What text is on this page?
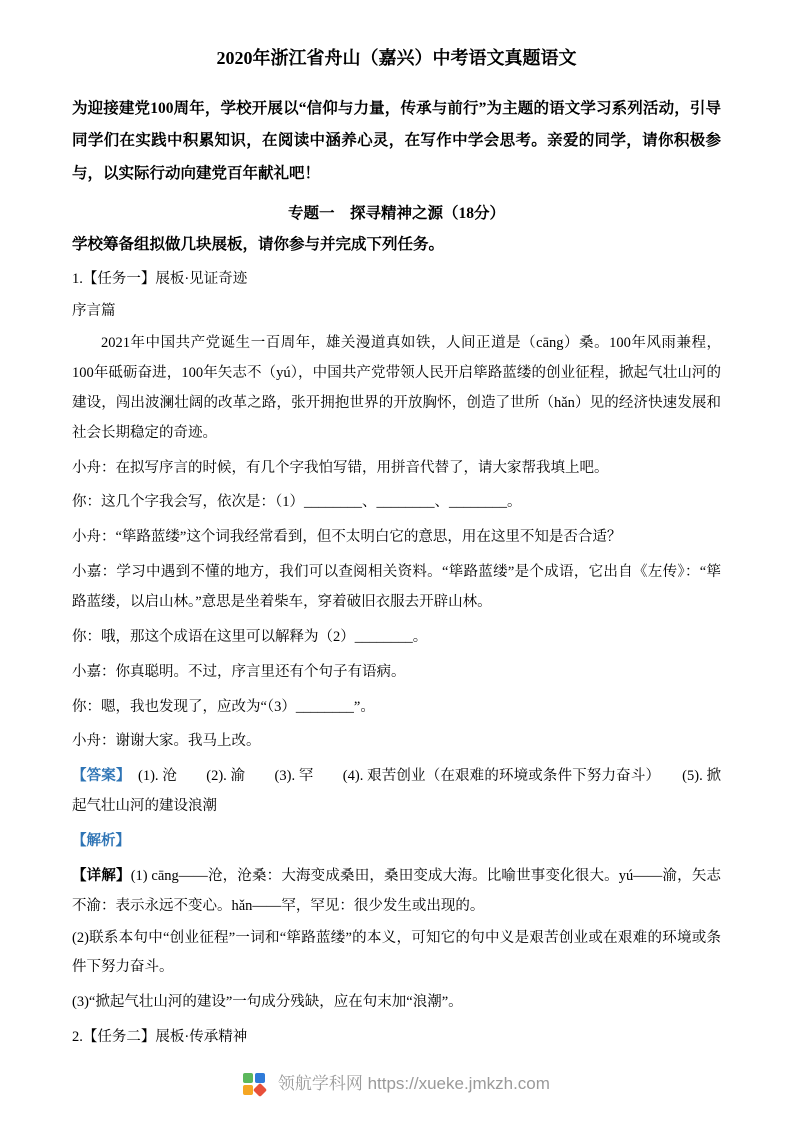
2020年浙江省舟山（嘉兴）中考语文真题语文

为迎接建党100周年，学校开展以“信仰与力量，传承与前行”为主题的语文学习系列活动，引导同学们在实践中积累知识，在阅读中涵养心灵，在写作中学会思考。亲爱的同学，请你积极参与，以实际行动向建党百年献礼吧！

专题一　探寻精神之源（18分）

学校筹备组拟做几块展板，请你参与并完成下列任务。

1.【任务一】展板·见证奇迹

序言篇

2021年中国共产党诞生一百周年，雄关漫道真如铁，人间正道是（cāng）桑。100年风雨兼程，100年砥砺奋进，100年矢志不（yú），中国共产党带领人民开启筚路蓝缕的创业征程，掀起气壮山河的建设，闯出波澜壮阔的改革之路，张开拥抱世界的开放胸怀，创造了世所（hǎn）见的经济快速发展和社会长期稳定的奇迹。

小舟：在拟写序言的时候，有几个字我怕写错，用拼音代替了，请大家帮我填上吧。

你：这几个字我会写，依次是：（1）________、________、________。

小舟：“筚路蓝缕”这个词我经常看到，但不太明白它的意思，用在这里不知是否合适？

小嘉：学习中遇到不懂的地方，我们可以查阅相关资料。“筚路蓝缕”是个成语，它出自《左传》：“筚路蓝缕，以启山林。”意思是坐着柴车，穿着破旧衣服去开辟山林。

你：哦，那这个成语在这里可以解释为（2）________。

小嘉：你真聪明。不过，序言里还有个句子有语病。

你：嗯，我也发现了，应改为“（3）________”。

小舟：谢谢大家。我马上改。

【答案】　(1). 沧　　(2). 渝　　(3). 罕　　(4). 艰苦创业（在艰难的环境或条件下努力奋斗）　　(5). 掀起气壮山河的建设浪潮

【解析】

【详解】(1) cāng——沧，沧桑：大海变成桑田，桑田变成大海。比喻世事变化很大。yú——渝，矢志不渝：表示永远不变心。hǎn——罕，罕见：很少发生或出现的。

(2)联系本句中“创业征程”一词和“筚路蓝缕”的本义，可知它的句中义是艰苦创业或在艰难的环境或条件下努力奋斗。

(3)“掀起气壮山河的建设”一句成分残缺，应在句末加“浪潮”。

2.【任务二】展板·传承精神

领航学科网 https://xueke.jmkzh.com
